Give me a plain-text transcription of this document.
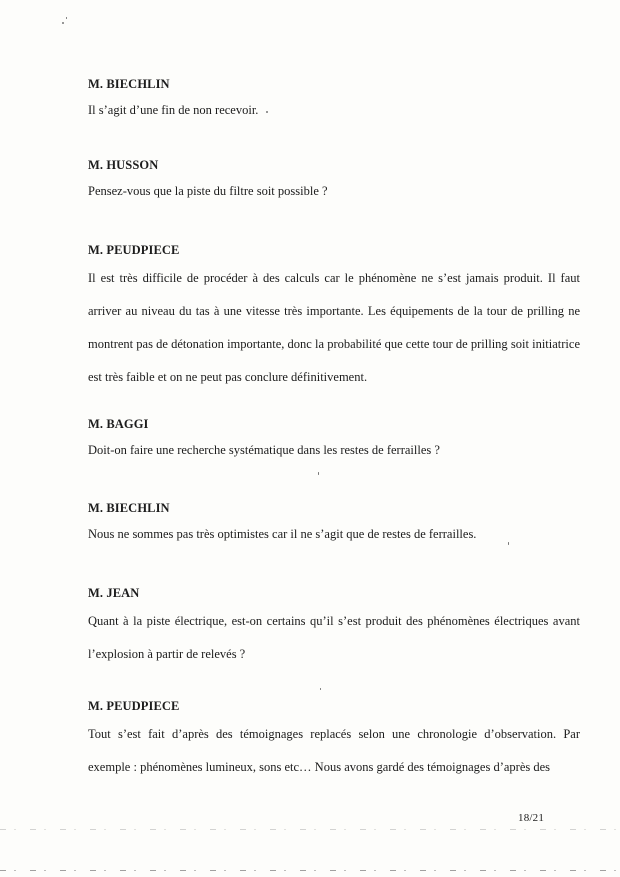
M. BIECHLIN

Il s’agit d’une fin de non recevoir.

M. HUSSON

Pensez-vous que la piste du filtre soit possible ?

M. PEUDPIECE

Il est très difficile de procéder à des calculs car le phénomène ne s’est jamais produit. Il faut arriver au niveau du tas à une vitesse très importante. Les équipements de la tour de prilling ne montrent pas de détonation importante, donc la probabilité que cette tour de prilling soit initiatrice est très faible et on ne peut pas conclure définitivement.

M. BAGGI

Doit-on faire une recherche systématique dans les restes de ferrailles ?

M. BIECHLIN

Nous ne sommes pas très optimistes car il ne s’agit que de restes de ferrailles.

M. JEAN

Quant à la piste électrique, est-on certains qu’il s’est produit des phénomènes électriques avant l’explosion à partir de relevés ?

M. PEUDPIECE

Tout s’est fait d’après des témoignages replacés selon une chronologie d’observation. Par exemple : phénomènes lumineux, sons etc… Nous avons gardé des témoignages d’après des

18/21
